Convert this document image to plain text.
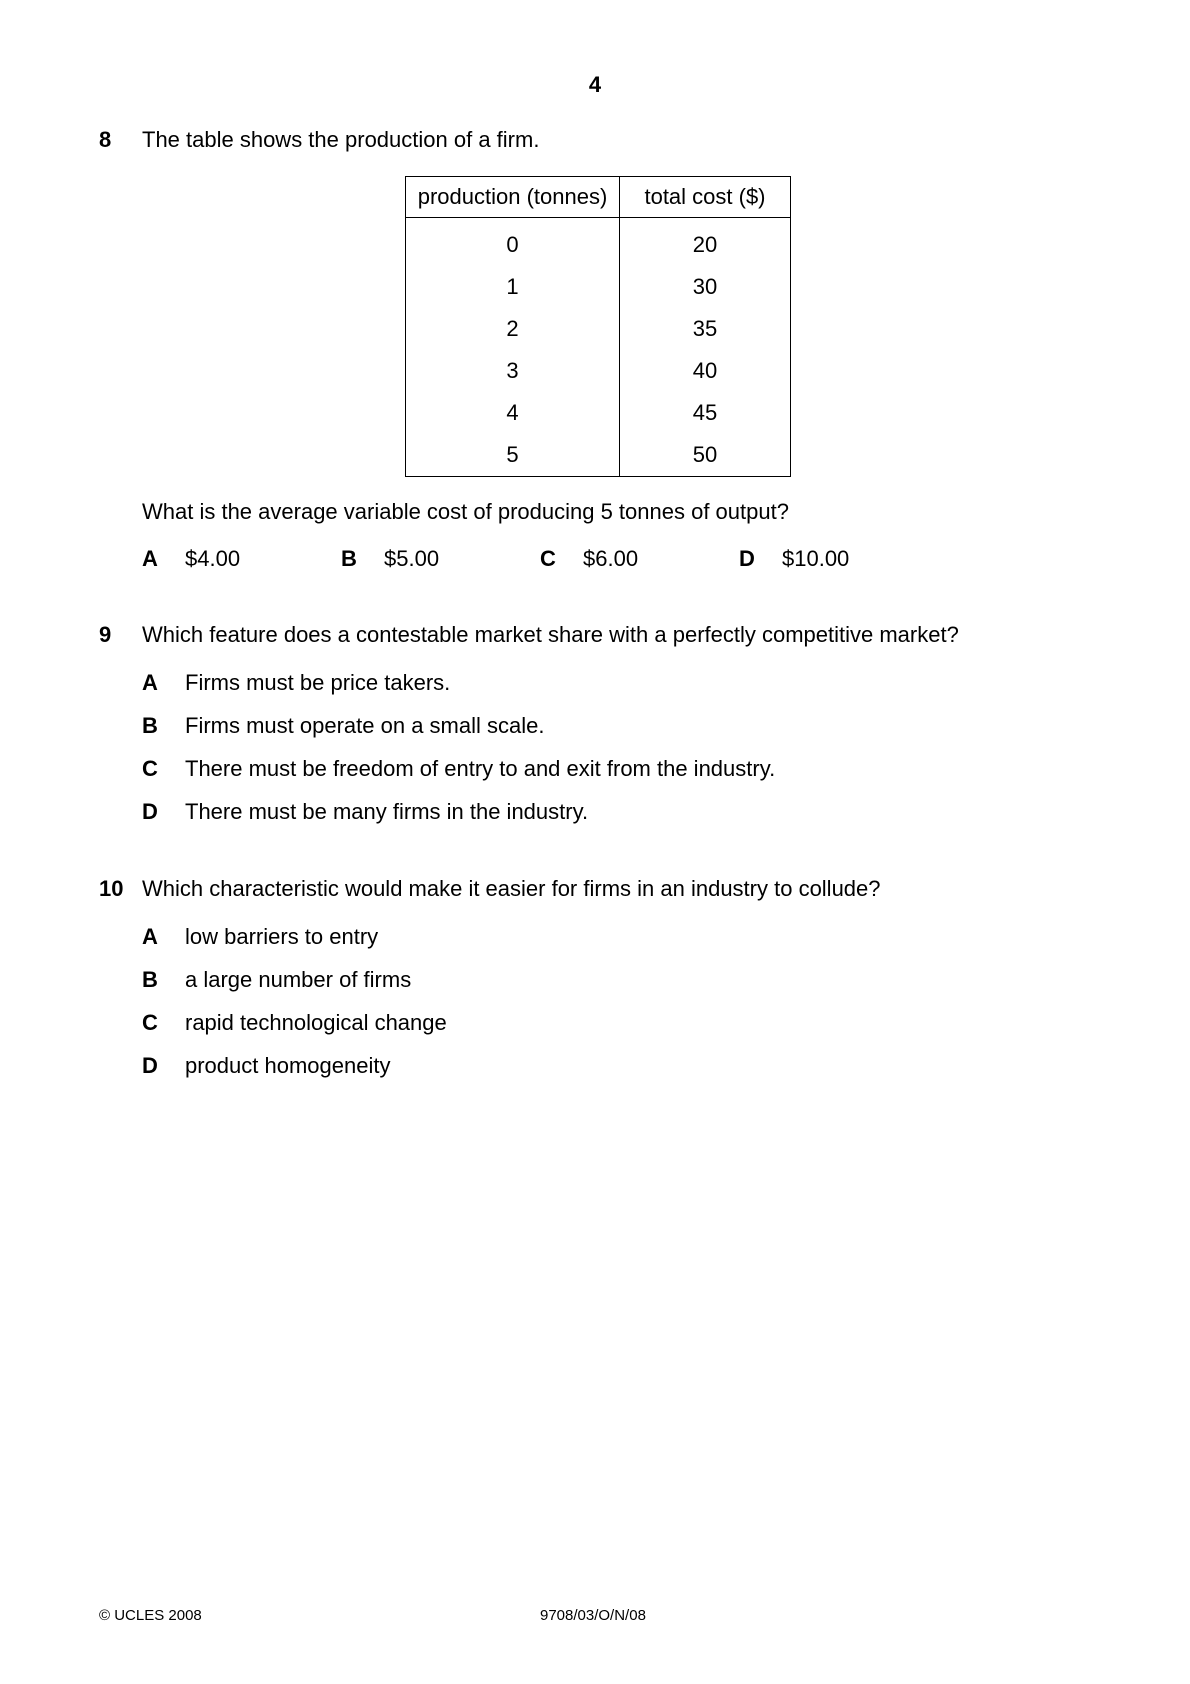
4
8 The table shows the production of a firm.
production (tonnes)	total cost ($)
0	20
1	30
2	35
3	40
4	45
5	50
What is the average variable cost of producing 5 tonnes of output?
A $4.00	B $5.00	C $6.00	D $10.00
9 Which feature does a contestable market share with a perfectly competitive market?
A Firms must be price takers.
B Firms must operate on a small scale.
C There must be freedom of entry to and exit from the industry.
D There must be many firms in the industry.
10 Which characteristic would make it easier for firms in an industry to collude?
A low barriers to entry
B a large number of firms
C rapid technological change
D product homogeneity
© UCLES 2008	9708/03/O/N/08
